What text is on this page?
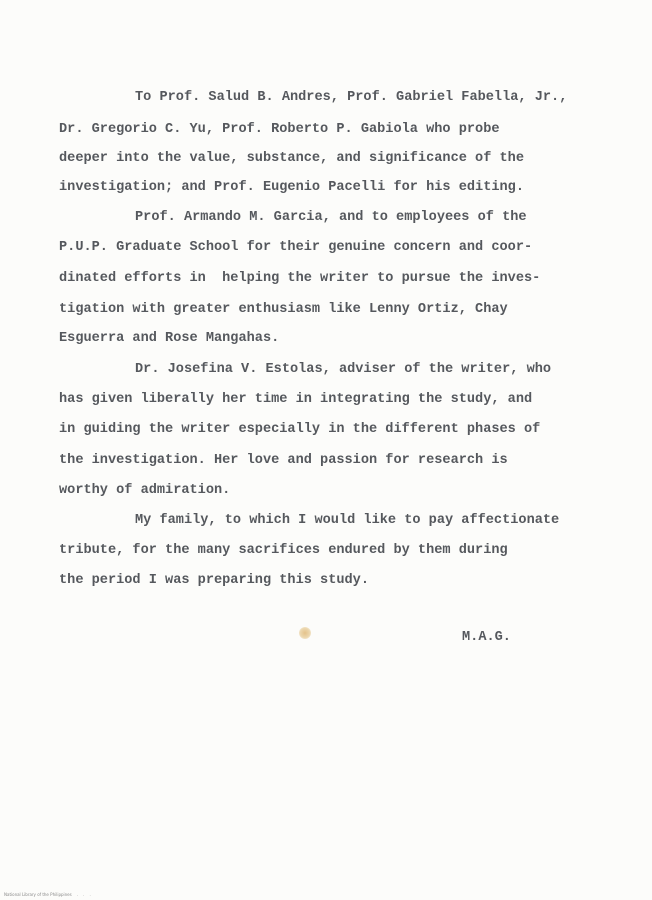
To Prof. Salud B. Andres, Prof. Gabriel Fabella, Jr.,

Dr. Gregorio C. Yu, Prof. Roberto P. Gabiola who probe

deeper into the value, substance, and significance of the

investigation; and Prof. Eugenio Pacelli for his editing.

Prof. Armando M. Garcia, and to employees of the

P.U.P. Graduate School for their genuine concern and coor-

dinated efforts in  helping the writer to pursue the inves-

tigation with greater enthusiasm like Lenny Ortiz, Chay

Esguerra and Rose Mangahas.

Dr. Josefina V. Estolas, adviser of the writer, who

has given liberally her time in integrating the study, and

in guiding the writer especially in the different phases of

the investigation. Her love and passion for research is

worthy of admiration.

My family, to which I would like to pay affectionate

tribute, for the many sacrifices endured by them during

the period I was preparing this study.

M.A.G.
National Library of the Philippines    .    .    .
